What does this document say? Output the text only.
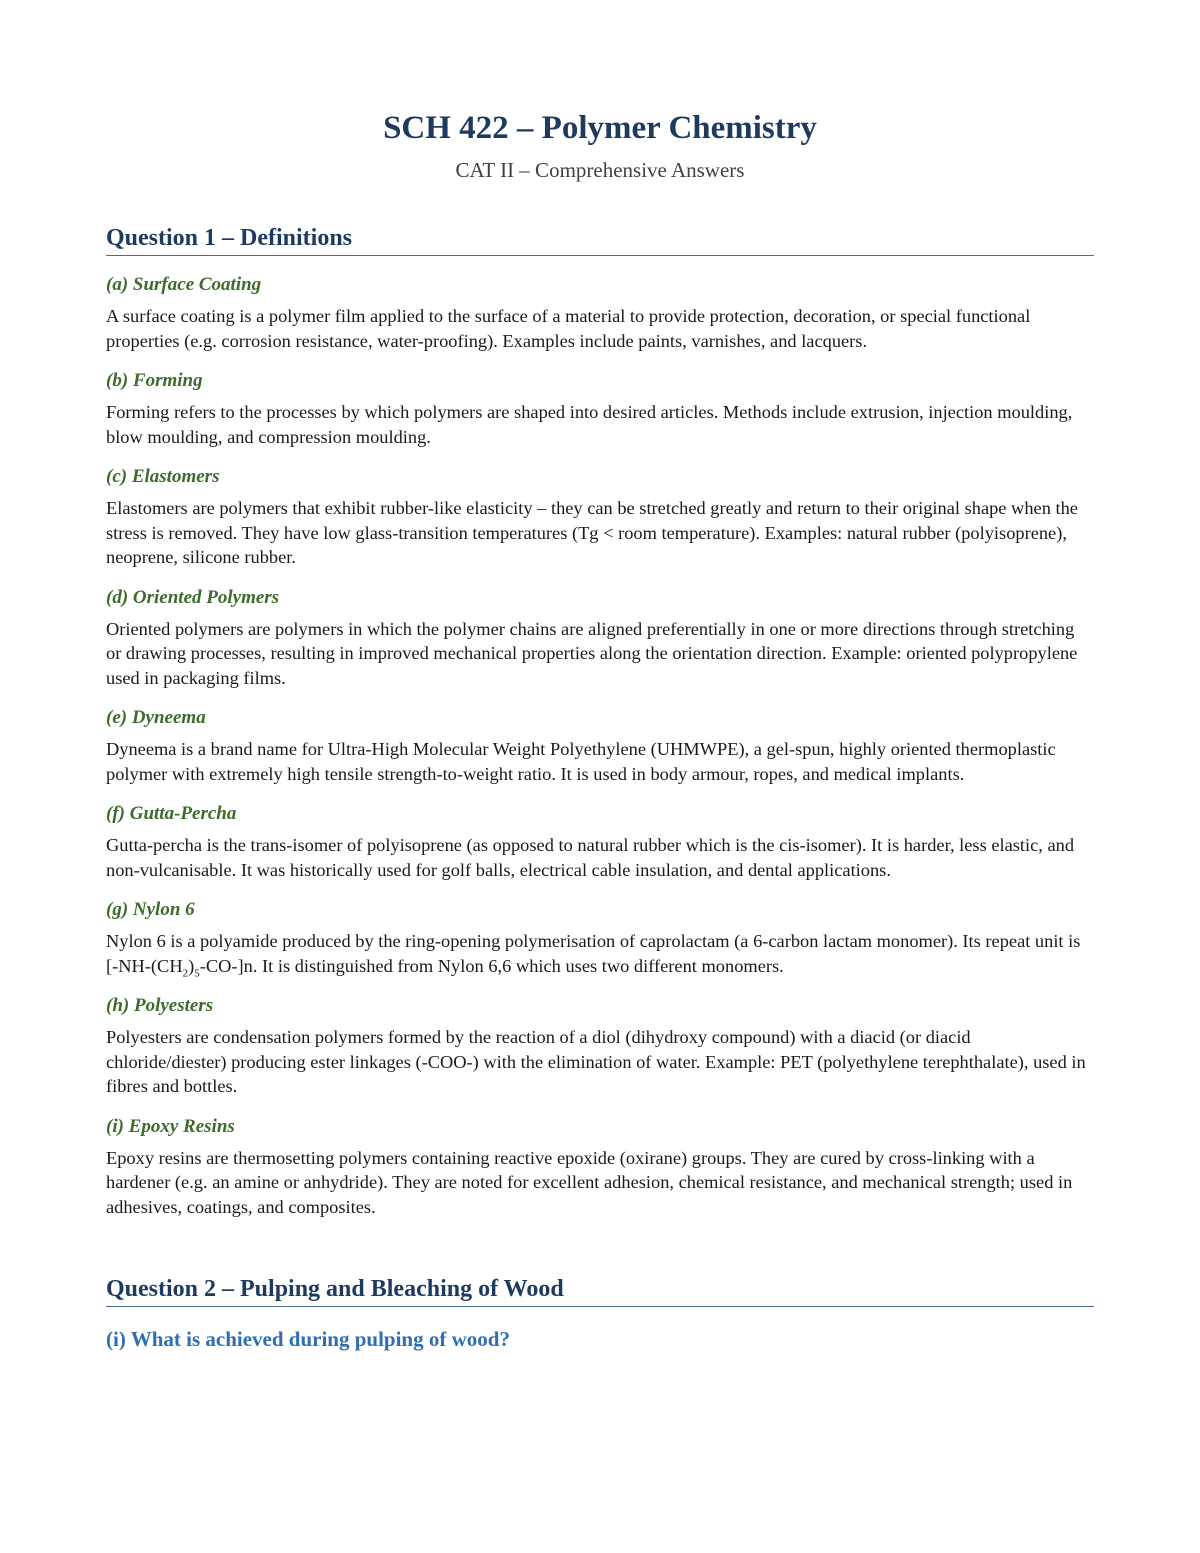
SCH 422 – Polymer Chemistry

CAT II – Comprehensive Answers

Question 1 – Definitions

(a) Surface Coating

A surface coating is a polymer film applied to the surface of a material to provide protection, decoration, or special functional properties (e.g. corrosion resistance, water-proofing). Examples include paints, varnishes, and lacquers.

(b) Forming

Forming refers to the processes by which polymers are shaped into desired articles. Methods include extrusion, injection moulding, blow moulding, and compression moulding.

(c) Elastomers

Elastomers are polymers that exhibit rubber-like elasticity – they can be stretched greatly and return to their original shape when the stress is removed. They have low glass-transition temperatures (Tg < room temperature). Examples: natural rubber (polyisoprene), neoprene, silicone rubber.

(d) Oriented Polymers

Oriented polymers are polymers in which the polymer chains are aligned preferentially in one or more directions through stretching or drawing processes, resulting in improved mechanical properties along the orientation direction. Example: oriented polypropylene used in packaging films.

(e) Dyneema

Dyneema is a brand name for Ultra-High Molecular Weight Polyethylene (UHMWPE), a gel-spun, highly oriented thermoplastic polymer with extremely high tensile strength-to-weight ratio. It is used in body armour, ropes, and medical implants.

(f) Gutta-Percha

Gutta-percha is the trans-isomer of polyisoprene (as opposed to natural rubber which is the cis-isomer). It is harder, less elastic, and non-vulcanisable. It was historically used for golf balls, electrical cable insulation, and dental applications.

(g) Nylon 6

Nylon 6 is a polyamide produced by the ring-opening polymerisation of caprolactam (a 6-carbon lactam monomer). Its repeat unit is $[-NH-(CH_2)_5-CO-]n$. It is distinguished from Nylon 6,6 which uses two different monomers.

(h) Polyesters

Polyesters are condensation polymers formed by the reaction of a diol (dihydroxy compound) with a diacid (or diacid chloride/diester) producing ester linkages (-COO-) with the elimination of water. Example: PET (polyethylene terephthalate), used in fibres and bottles.

(i) Epoxy Resins

Epoxy resins are thermosetting polymers containing reactive epoxide (oxirane) groups. They are cured by cross-linking with a hardener (e.g. an amine or anhydride). They are noted for excellent adhesion, chemical resistance, and mechanical strength; used in adhesives, coatings, and composites.

Question 2 – Pulping and Bleaching of Wood

(i) What is achieved during pulping of wood?
